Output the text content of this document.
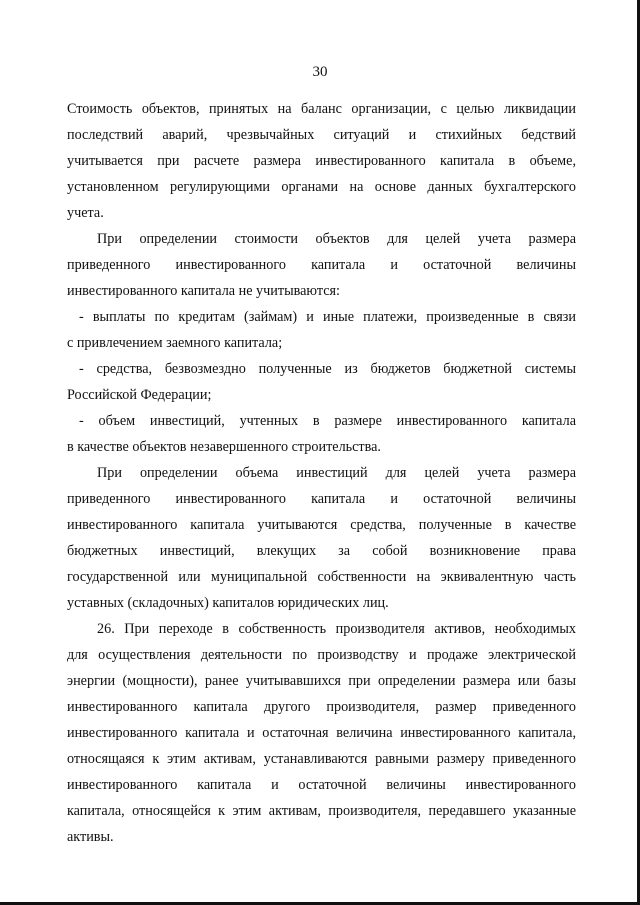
30
Стоимость объектов, принятых на баланс организации, с целью ликвидации
последствий аварий, чрезвычайных ситуаций и стихийных бедствий
учитывается при расчете размера инвестированного капитала в объеме,
установленном регулирующими органами на основе данных бухгалтерского
учета.
При определении стоимости объектов для целей учета размера
приведенного инвестированного капитала и остаточной величины
инвестированного капитала не учитываются:
- выплаты по кредитам (займам) и иные платежи, произведенные в связи
с привлечением заемного капитала;
- средства, безвозмездно полученные из бюджетов бюджетной системы
Российской Федерации;
- объем инвестиций, учтенных в размере инвестированного капитала
в качестве объектов незавершенного строительства.
При определении объема инвестиций для целей учета размера
приведенного инвестированного капитала и остаточной величины
инвестированного капитала учитываются средства, полученные в качестве
бюджетных инвестиций, влекущих за собой возникновение права
государственной или муниципальной собственности на эквивалентную часть
уставных (складочных) капиталов юридических лиц.
26. При переходе в собственность производителя активов, необходимых
для осуществления деятельности по производству и продаже электрической
энергии (мощности), ранее учитывавшихся при определении размера или базы
инвестированного капитала другого производителя, размер приведенного
инвестированного капитала и остаточная величина инвестированного капитала,
относящаяся к этим активам, устанавливаются равными размеру приведенного
инвестированного капитала и остаточной величины инвестированного
капитала, относящейся к этим активам, производителя, передавшего указанные
активы.
